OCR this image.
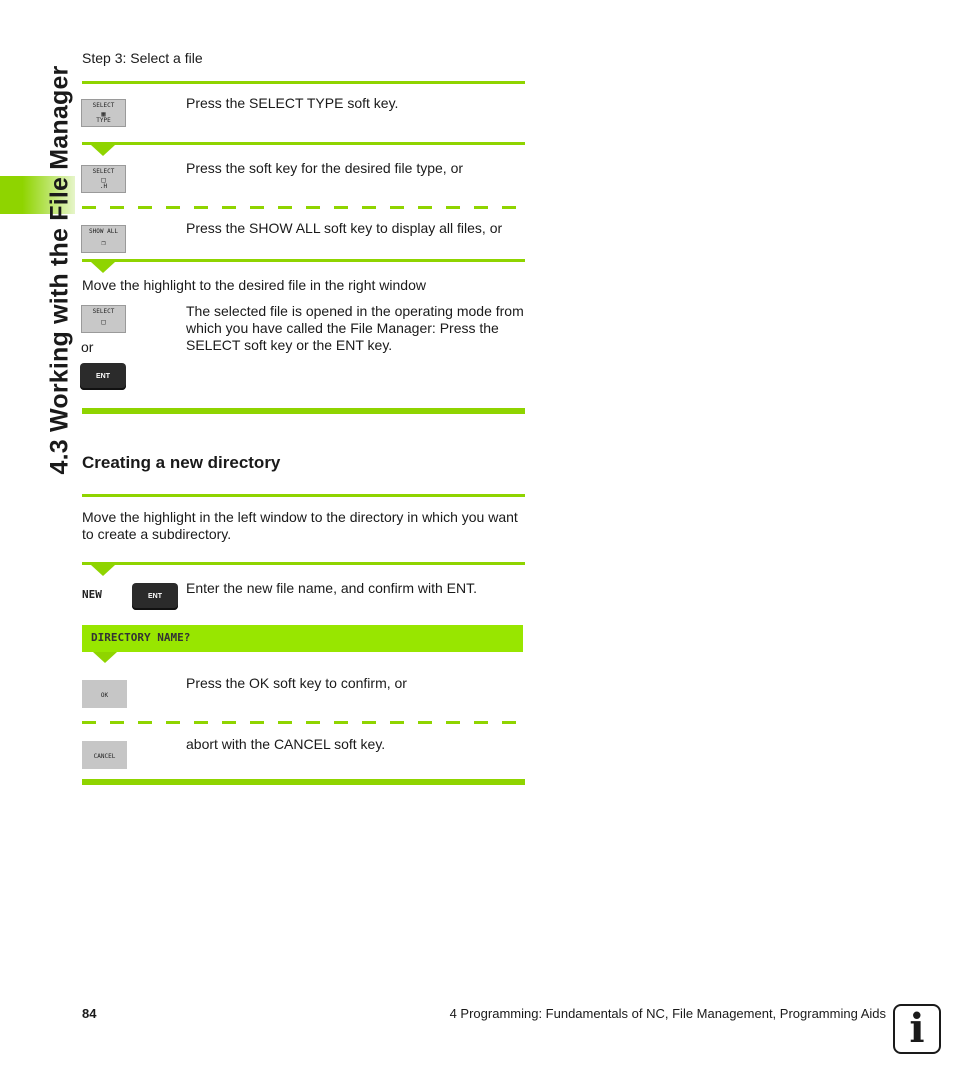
4.3 Working with the File Manager
Step 3: Select a file
SELECT
▦
TYPE
Press the SELECT TYPE soft key.
SELECT
□
.H
Press the soft key for the desired file type, or
SHOW ALL
❐
Press the SHOW ALL soft key to display all files, or
Move the highlight to the desired file in the right window
SELECT
□
or
ENT
The selected file is opened in the operating mode from which you have called the File Manager: Press the SELECT soft key or the ENT key.
Creating a new directory
Move the highlight in the left window to the directory in which you want to create a subdirectory.
NEW	ENT
Enter the new file name, and confirm with ENT.
DIRECTORY NAME?
OK
Press the OK soft key to confirm, or
CANCEL
abort with the CANCEL soft key.
84	4 Programming: Fundamentals of NC, File Management, Programming Aids i
